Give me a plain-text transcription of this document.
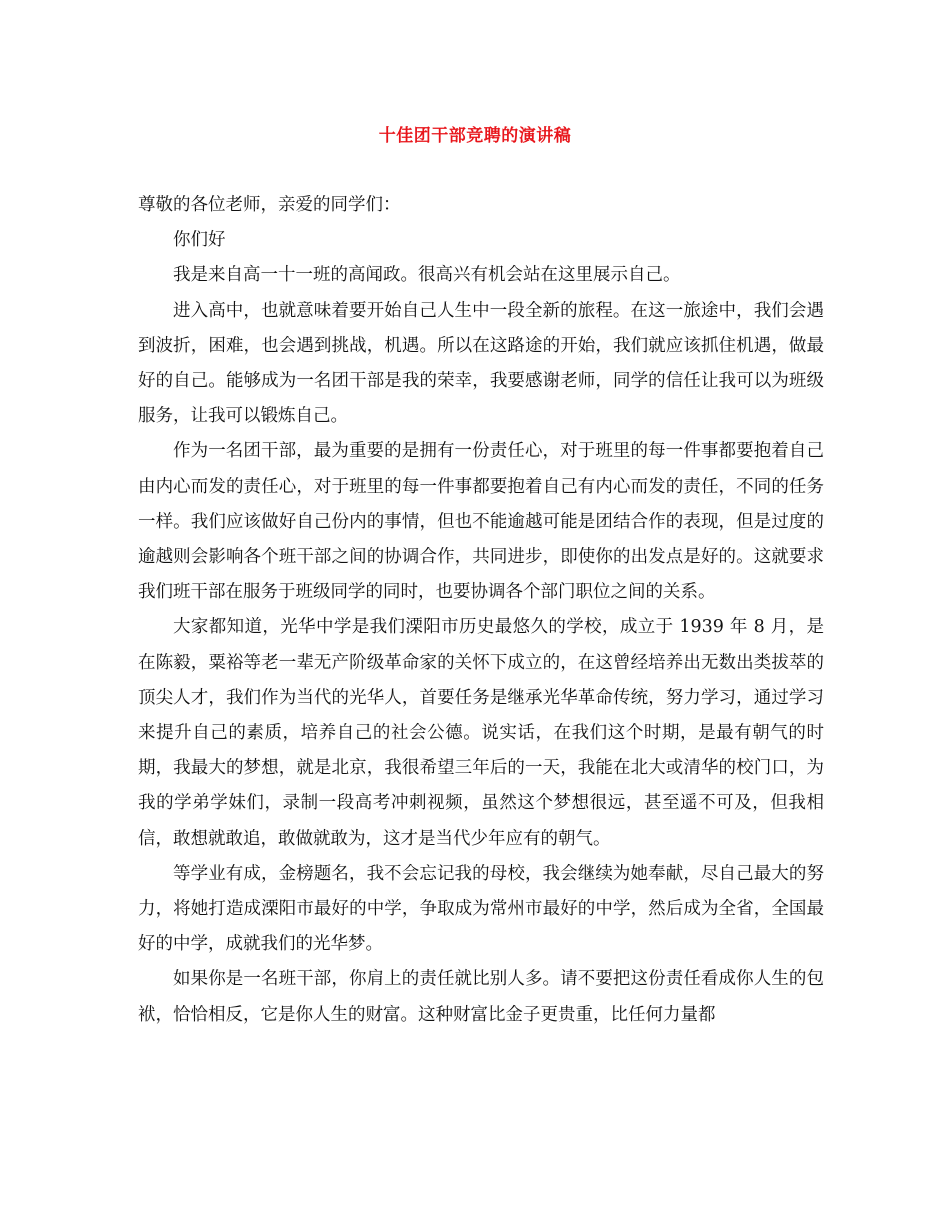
十佳团干部竞聘的演讲稿

尊敬的各位老师，亲爱的同学们：

你们好

我是来自高一十一班的高闻政。很高兴有机会站在这里展示自己。

进入高中，也就意味着要开始自己人生中一段全新的旅程。在这一旅途中，我们会遇到波折，困难，也会遇到挑战，机遇。所以在这路途的开始，我们就应该抓住机遇，做最好的自己。能够成为一名团干部是我的荣幸，我要感谢老师，同学的信任让我可以为班级服务，让我可以锻炼自己。

作为一名团干部，最为重要的是拥有一份责任心，对于班里的每一件事都要抱着自己由内心而发的责任心，对于班里的每一件事都要抱着自己有内心而发的责任，不同的任务一样。我们应该做好自己份内的事情，但也不能逾越可能是团结合作的表现，但是过度的逾越则会影响各个班干部之间的协调合作，共同进步，即使你的出发点是好的。这就要求我们班干部在服务于班级同学的同时，也要协调各个部门职位之间的关系。

大家都知道，光华中学是我们溧阳市历史最悠久的学校，成立于 1939 年 8 月，是在陈毅，粟裕等老一辈无产阶级革命家的关怀下成立的，在这曾经培养出无数出类拔萃的顶尖人才，我们作为当代的光华人，首要任务是继承光华革命传统，努力学习，通过学习来提升自己的素质，培养自己的社会公德。说实话，在我们这个时期，是最有朝气的时期，我最大的梦想，就是北京，我很希望三年后的一天，我能在北大或清华的校门口，为我的学弟学妹们，录制一段高考冲刺视频，虽然这个梦想很远，甚至遥不可及，但我相信，敢想就敢追，敢做就敢为，这才是当代少年应有的朝气。

等学业有成，金榜题名，我不会忘记我的母校，我会继续为她奉献，尽自己最大的努力，将她打造成溧阳市最好的中学，争取成为常州市最好的中学，然后成为全省，全国最好的中学，成就我们的光华梦。

如果你是一名班干部，你肩上的责任就比别人多。请不要把这份责任看成你人生的包袱，恰恰相反，它是你人生的财富。这种财富比金子更贵重，比任何力量都
